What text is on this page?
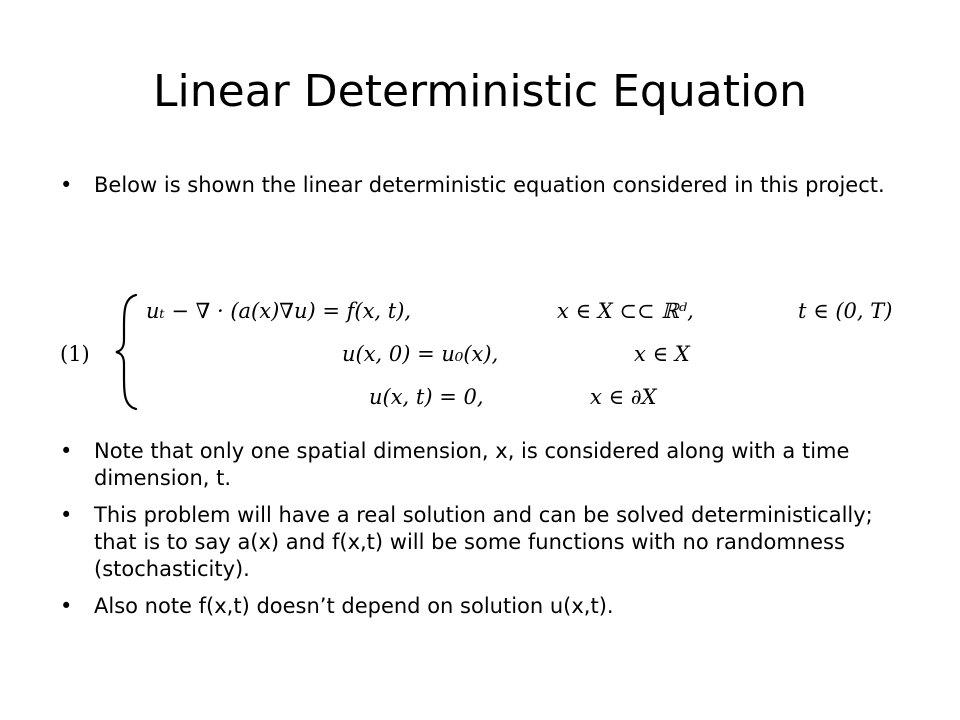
Linear Deterministic Equation
• Below is shown the linear deterministic equation considered in this project.
• Note that only one spatial dimension, x, is considered along with a time dimension, t.
• This problem will have a real solution and can be solved deterministically; that is to say a(x) and f(x,t) will be some functions with no randomness (stochasticity).
• Also note f(x,t) doesn’t depend on solution u(x,t).
(1)
uₜ − ∇ · (a(x)∇u) = f(x, t),	x ∈ X ⊂⊂ ℝᵈ,	t ∈ (0, T)
u(x, 0) = u₀(x),	x ∈ X
u(x, t) = 0,	x ∈ ∂X
